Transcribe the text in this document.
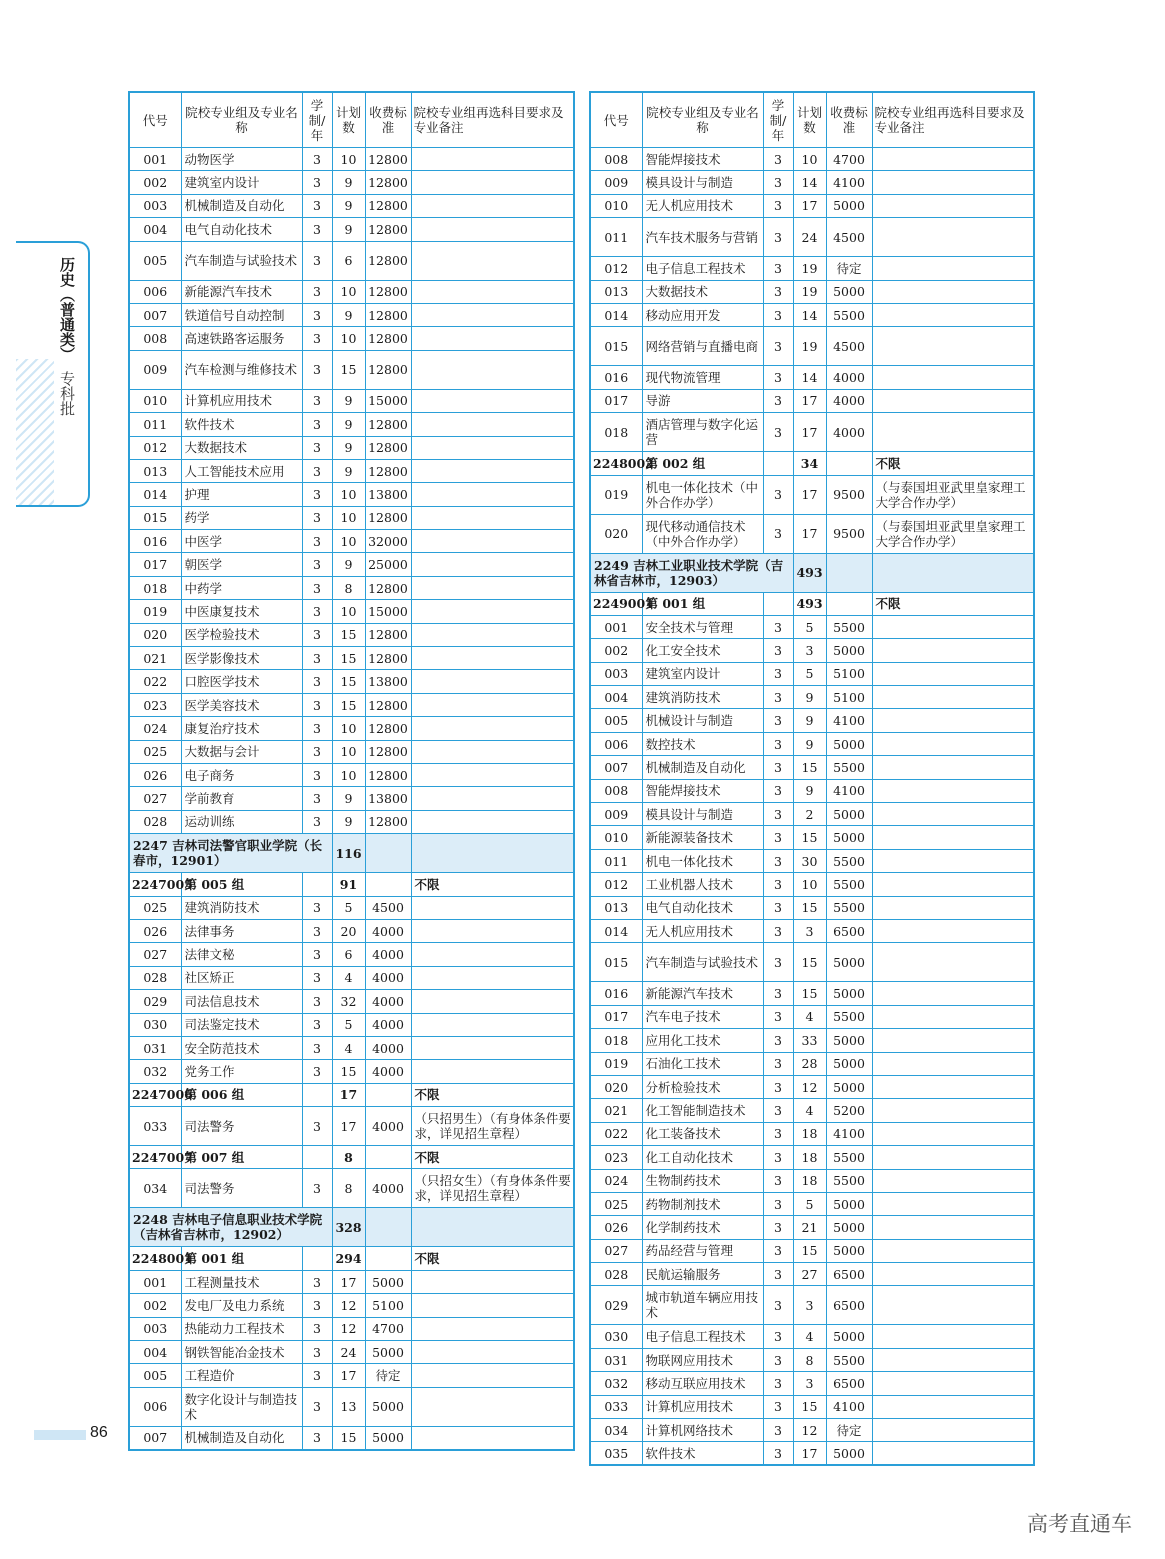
历史（普通类）
专科批
代号	院校专业组及专业名称	学制/年	计划数	收费标准	院校专业组再选科目要求及专业备注
001	动物医学	3	10	12800	
002	建筑室内设计	3	9	12800	
003	机械制造及自动化	3	9	12800	
004	电气自动化技术	3	9	12800	
005	汽车制造与试验技术	3	6	12800	
006	新能源汽车技术	3	10	12800	
007	铁道信号自动控制	3	9	12800	
008	高速铁路客运服务	3	10	12800	
009	汽车检测与维修技术	3	15	12800	
010	计算机应用技术	3	9	15000	
011	软件技术	3	9	12800	
012	大数据技术	3	9	12800	
013	人工智能技术应用	3	9	12800	
014	护理	3	10	13800	
015	药学	3	10	12800	
016	中医学	3	10	32000	
017	朝医学	3	9	25000	
018	中药学	3	8	12800	
019	中医康复技术	3	10	15000	
020	医学检验技术	3	15	12800	
021	医学影像技术	3	15	12800	
022	口腔医学技术	3	15	13800	
023	医学美容技术	3	15	12800	
024	康复治疗技术	3	10	12800	
025	大数据与会计	3	10	12800	
026	电子商务	3	10	12800	
027	学前教育	3	9	13800	
028	运动训练	3	9	12800	
2247 吉林司法警官职业学院（长春市，12901）			116		
2247005	第 005 组		91		不限
025	建筑消防技术	3	5	4500	
026	法律事务	3	20	4000	
027	法律文秘	3	6	4000	
028	社区矫正	3	4	4000	
029	司法信息技术	3	32	4000	
030	司法鉴定技术	3	5	4000	
031	安全防范技术	3	4	4000	
032	党务工作	3	15	4000	
2247006	第 006 组		17		不限
033	司法警务	3	17	4000	（只招男生）（有身体条件要求，详见招生章程）
2247007	第 007 组		8		不限
034	司法警务	3	8	4000	（只招女生）（有身体条件要求，详见招生章程）
2248 吉林电子信息职业技术学院（吉林省吉林市，12902）			328		
2248001	第 001 组		294		不限
001	工程测量技术	3	17	5000	
002	发电厂及电力系统	3	12	5100	
003	热能动力工程技术	3	12	4700	
004	钢铁智能冶金技术	3	24	5000	
005	工程造价	3	17	待定	
006	数字化设计与制造技术	3	13	5000	
007	机械制造及自动化	3	15	5000	
代号	院校专业组及专业名称	学制/年	计划数	收费标准	院校专业组再选科目要求及专业备注
008	智能焊接技术	3	10	4700	
009	模具设计与制造	3	14	4100	
010	无人机应用技术	3	17	5000	
011	汽车技术服务与营销	3	24	4500	
012	电子信息工程技术	3	19	待定	
013	大数据技术	3	19	5000	
014	移动应用开发	3	14	5500	
015	网络营销与直播电商	3	19	4500	
016	现代物流管理	3	14	4000	
017	导游	3	17	4000	
018	酒店管理与数字化运营	3	17	4000	
2248002	第 002 组		34		不限
019	机电一体化技术（中外合作办学）	3	17	9500	（与泰国坦亚武里皇家理工大学合作办学）
020	现代移动通信技术（中外合作办学）	3	17	9500	（与泰国坦亚武里皇家理工大学合作办学）
2249 吉林工业职业技术学院（吉林省吉林市，12903）			493		
2249001	第 001 组		493		不限
001	安全技术与管理	3	5	5500	
002	化工安全技术	3	3	5000	
003	建筑室内设计	3	5	5100	
004	建筑消防技术	3	9	5100	
005	机械设计与制造	3	9	4100	
006	数控技术	3	9	5000	
007	机械制造及自动化	3	15	5500	
008	智能焊接技术	3	9	4100	
009	模具设计与制造	3	2	5000	
010	新能源装备技术	3	15	5000	
011	机电一体化技术	3	30	5500	
012	工业机器人技术	3	10	5500	
013	电气自动化技术	3	15	5500	
014	无人机应用技术	3	3	6500	
015	汽车制造与试验技术	3	15	5000	
016	新能源汽车技术	3	15	5000	
017	汽车电子技术	3	4	5500	
018	应用化工技术	3	33	5000	
019	石油化工技术	3	28	5000	
020	分析检验技术	3	12	5000	
021	化工智能制造技术	3	4	5200	
022	化工装备技术	3	18	4100	
023	化工自动化技术	3	18	5500	
024	生物制药技术	3	18	5500	
025	药物制剂技术	3	5	5000	
026	化学制药技术	3	21	5000	
027	药品经营与管理	3	15	5000	
028	民航运输服务	3	27	6500	
029	城市轨道车辆应用技术	3	3	6500	
030	电子信息工程技术	3	4	5000	
031	物联网应用技术	3	8	5500	
032	移动互联应用技术	3	3	6500	
033	计算机应用技术	3	15	4100	
034	计算机网络技术	3	12	待定	
035	软件技术	3	17	5000	
86
高考直通车
